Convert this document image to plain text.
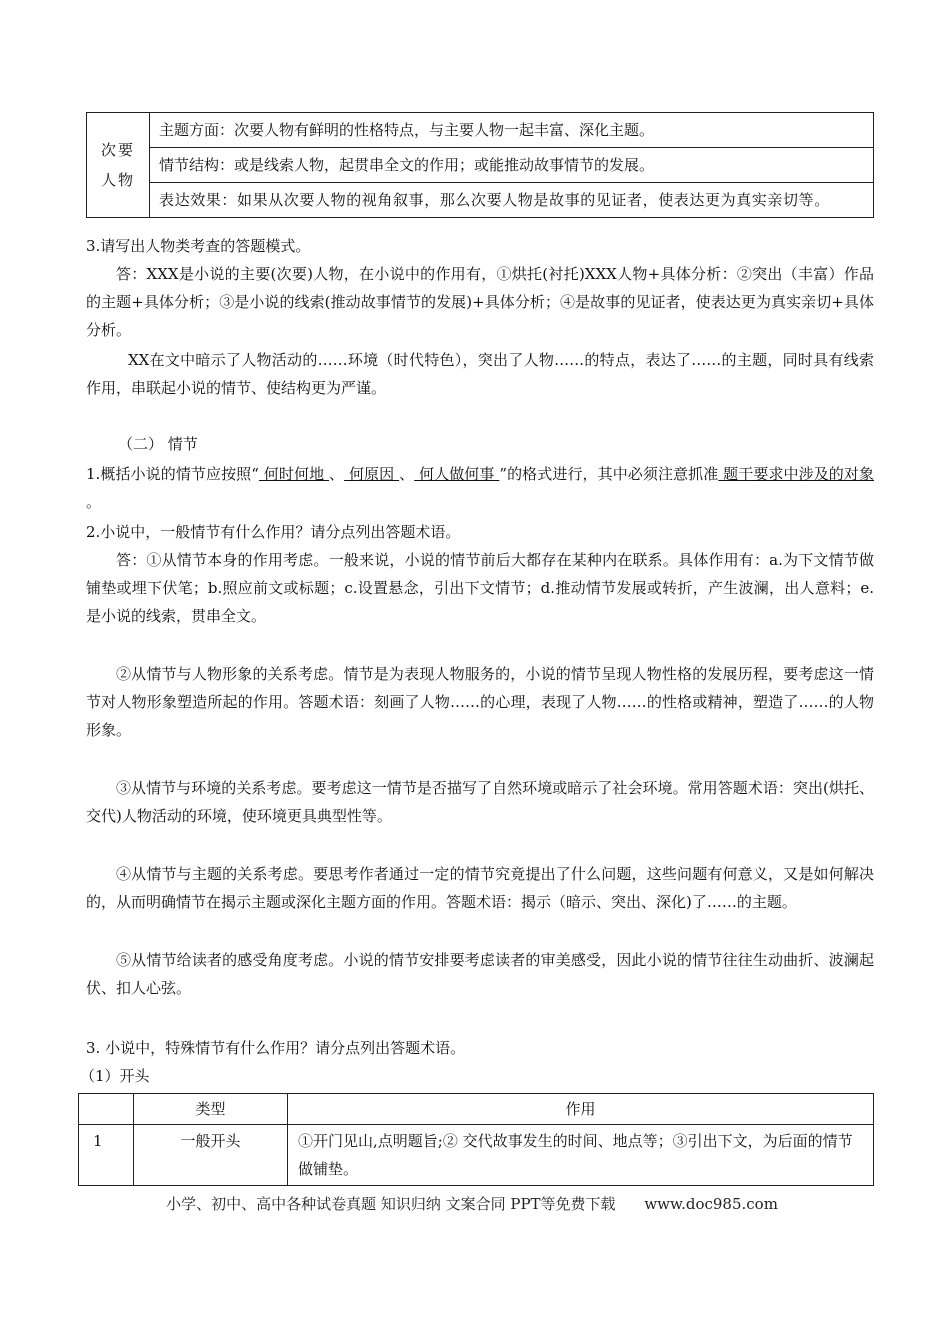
次要
人物	主题方面：次要人物有鲜明的性格特点，与主要人物一起丰富、深化主题。
情节结构：或是线索人物，起贯串全文的作用；或能推动故事情节的发展。
表达效果：如果从次要人物的视角叙事，那么次要人物是故事的见证者，使表达更为真实亲切等。

3.请写出人物类考查的答题模式。

答：XXX是小说的主要(次要)人物，在小说中的作用有，①烘托(衬托)XXX人物+具体分析：②突出（丰富）作品的主题+具体分析；③是小说的线索(推动故事情节的发展)+具体分析；④是故事的见证者，使表达更为真实亲切+具体分析。

XX在文中暗示了人物活动的……环境（时代特色），突出了人物……的特点，表达了……的主题，同时具有线索作用，串联起小说的情节、使结构更为严谨。

（二） 情节

1.概括小说的情节应按照“ 何时何地 、 何原因 、 何人做何事 ”的格式进行，其中必须注意抓准 题干要求中涉及的对象 。

2.小说中，一般情节有什么作用？请分点列出答题术语。

答：①从情节本身的作用考虑。一般来说，小说的情节前后大都存在某种内在联系。具体作用有：a.为下文情节做铺垫或埋下伏笔；b.照应前文或标题；c.设置悬念，引出下文情节；d.推动情节发展或转折，产生波澜，出人意料；e.是小说的线索，贯串全文。

②从情节与人物形象的关系考虑。情节是为表现人物服务的，小说的情节呈现人物性格的发展历程，要考虑这一情节对人物形象塑造所起的作用。答题术语：刻画了人物……的心理，表现了人物……的性格或精神，塑造了……的人物形象。

③从情节与环境的关系考虑。要考虑这一情节是否描写了自然环境或暗示了社会环境。常用答题术语：突出(烘托、交代)人物活动的环境，使环境更具典型性等。

④从情节与主题的关系考虑。要思考作者通过一定的情节究竟提出了什么问题，这些问题有何意义，又是如何解决的，从而明确情节在揭示主题或深化主题方面的作用。答题术语：揭示（暗示、突出、深化)了……的主题。

⑤从情节给读者的感受角度考虑。小说的情节安排要考虑读者的审美感受，因此小说的情节往往生动曲折、波澜起伏、扣人心弦。

3. 小说中，特殊情节有什么作用？请分点列出答题术语。

（1）开头

	类型	作用
1	一般开头	①开门见山,点明题旨;② 交代故事发生的时间、地点等；③引出下文，为后面的情节做铺垫。
小学、初中、高中各种试卷真题 知识归纳 文案合同 PPT等免费下载 www.doc985.com
